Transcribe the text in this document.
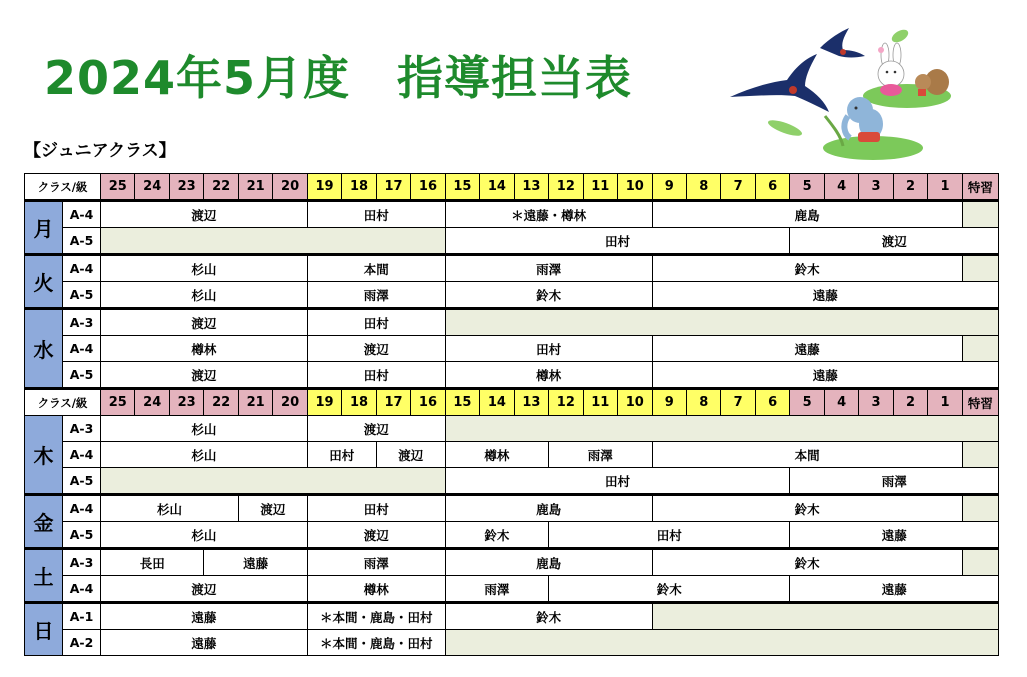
2024年5月度　指導担当表
【ジュニアクラス】
クラス/級		25	24	23	22	21	20	19	18	17	16	15	14	13	12	11	10	9	8	7	6	5	4	3	2	1	特習
月	A-4	渡辺						田村				＊遠藤・樽林						鹿島									
	A-5											田村										渡辺					
火	A-4	杉山						本間				雨澤						鈴木									
	A-5	杉山						雨澤				鈴木						遠藤									
水	A-3	渡辺						田村																			
	A-4	樽林						渡辺				田村						遠藤									
	A-5	渡辺						田村				樽林						遠藤									
クラス/級		25	24	23	22	21	20	19	18	17	16	15	14	13	12	11	10	9	8	7	6	5	4	3	2	1	特習
木	A-3	杉山						渡辺																			
	A-4	杉山						田村		渡辺		樽林			雨澤			本間									
	A-5											田村										雨澤					
金	A-4	杉山				渡辺		田村				鹿島						鈴木									
	A-5	杉山						渡辺				鈴木			田村							遠藤					
土	A-3	長田			遠藤			雨澤				鹿島						鈴木									
	A-4	渡辺						樽林				雨澤			鈴木							遠藤					
日	A-1	遠藤						＊本間・鹿島・田村				鈴木															
	A-2	遠藤						＊本間・鹿島・田村																			
